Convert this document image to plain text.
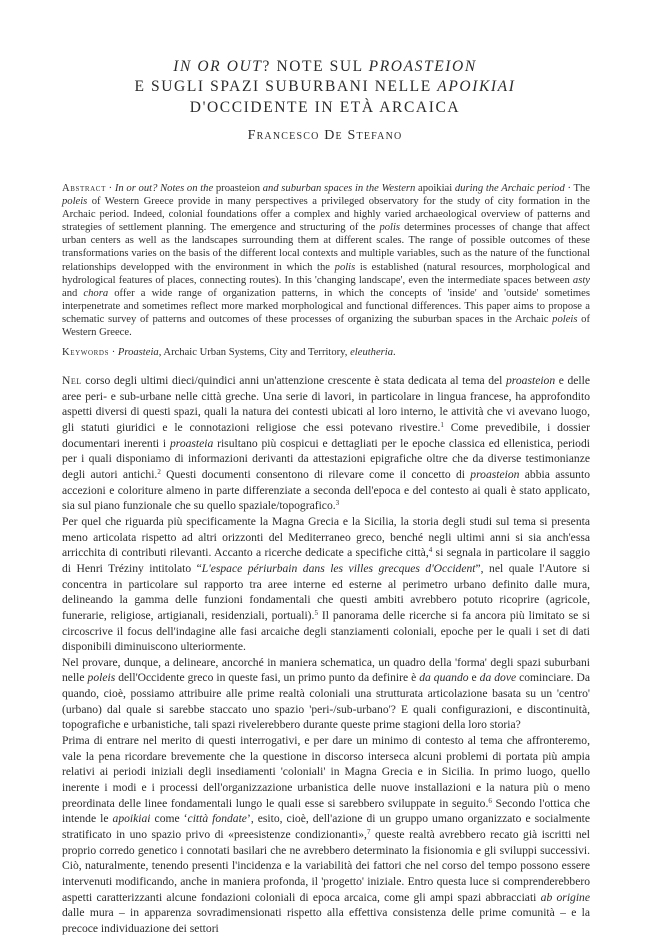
IN OR OUT? NOTE SUL PROASTEION
E SUGLI SPAZI SUBURBANI NELLE APOIKIAI
D'OCCIDENTE IN ETÀ ARCAICA
Francesco De Stefano
Abstract · In or out? Notes on the proasteion and suburban spaces in the Western apoikiai during the Archaic period · The poleis of Western Greece provide in many perspectives a privileged observatory for the study of city formation in the Archaic period. Indeed, colonial foundations offer a complex and highly varied archaeological overview of patterns and strategies of settlement planning. The emergence and structuring of the polis determines processes of change that affect urban centers as well as the landscapes surrounding them at different scales. The range of possible outcomes of these transformations varies on the basis of the different local contexts and multiple variables, such as the nature of the functional relationships developped with the environment in which the polis is established (natural resources, morphological and hydrological features of places, connecting routes). In this 'changing landscape', even the intermediate spaces between asty and chora offer a wide range of organization patterns, in which the concepts of 'inside' and 'outside' sometimes interpenetrate and sometimes reflect more marked morphological and functional differences. This paper aims to propose a schematic survey of patterns and outcomes of these processes of organizing the suburban spaces in the Archaic poleis of Western Greece.
Keywords · Proasteia, Archaic Urban Systems, City and Territory, eleutheria.

Nel corso degli ultimi dieci/quindici anni un'attenzione crescente è stata dedicata al tema del proasteion e delle aree peri- e sub-urbane nelle città greche. Una serie di lavori, in particolare in lingua francese, ha approfondito aspetti diversi di questi spazi, quali la natura dei contesti ubicati al loro interno, le attività che vi avevano luogo, gli statuti giuridici e le connotazioni religiose che essi potevano rivestire.$^1$ Come prevedibile, i dossier documentari inerenti i proasteia risultano più cospicui e dettagliati per le epoche classica ed ellenistica, periodi per i quali disponiamo di informazioni derivanti da attestazioni epigrafiche oltre che da diverse testimonianze degli autori antichi.$^2$ Questi documenti consentono di rilevare come il concetto di proasteion abbia assunto accezioni e coloriture almeno in parte differenziate a seconda dell'epoca e del contesto ai quali è stato applicato, sia sul piano funzionale che su quello spaziale/topografico.$^3$

Per quel che riguarda più specificamente la Magna Grecia e la Sicilia, la storia degli studi sul tema si presenta meno articolata rispetto ad altri orizzonti del Mediterraneo greco, benché negli ultimi anni si sia anch'essa arricchita di contributi rilevanti. Accanto a ricerche dedicate a specifiche città,$^4$ si segnala in particolare il saggio di Henri Tréziny intitolato “L'espace périurbain dans les villes grecques d'Occident”, nel quale l'Autore si concentra in particolare sul rapporto tra aree interne ed esterne al perimetro urbano definito dalle mura, delineando la gamma delle funzioni fondamentali che questi ambiti avrebbero potuto ricoprire (agricole, funerarie, religiose, artigianali, residenziali, portuali).$^5$ Il panorama delle ricerche si fa ancora più limitato se si circoscrive il focus dell'indagine alle fasi arcaiche degli stanziamenti coloniali, epoche per le quali i set di dati disponibili diminuiscono ulteriormente.

Nel provare, dunque, a delineare, ancorché in maniera schematica, un quadro della 'forma' degli spazi suburbani nelle poleis dell'Occidente greco in queste fasi, un primo punto da definire è da quando e da dove cominciare. Da quando, cioè, possiamo attribuire alle prime realtà coloniali una strutturata articolazione basata su un 'centro' (urbano) dal quale si sarebbe staccato uno spazio 'peri-/sub-urbano'? E quali configurazioni, e discontinuità, topografiche e urbanistiche, tali spazi rivelerebbero durante queste prime stagioni della loro storia?

Prima di entrare nel merito di questi interrogativi, e per dare un minimo di contesto al tema che affronteremo, vale la pena ricordare brevemente che la questione in discorso interseca alcuni problemi di portata più ampia relativi ai periodi iniziali degli insediamenti 'coloniali' in Magna Grecia e in Sicilia. In primo luogo, quello inerente i modi e i processi dell'organizzazione urbanistica delle nuove installazioni e la natura più o meno preordinata delle linee fondamentali lungo le quali esse si sarebbero sviluppate in seguito.$^6$ Secondo l'ottica che intende le apoikiai come ‘città fondate’, esito, cioè, dell'azione di un gruppo umano organizzato e socialmente stratificato in uno spazio privo di «preesistenze condizionanti»,$^7$ queste realtà avrebbero recato già iscritti nel proprio corredo genetico i connotati basilari che ne avrebbero determinato la fisionomia e gli sviluppi successivi. Ciò, naturalmente, tenendo presenti l'incidenza e la variabilità dei fattori che nel corso del tempo possono essere intervenuti modificando, anche in maniera profonda, il 'progetto' iniziale. Entro questa luce si comprenderebbero aspetti caratterizzanti alcune fondazioni coloniali di epoca arcaica, come gli ampi spazi abbracciati ab origine dalle mura – in apparenza sovradimensionati rispetto alla effettiva consistenza delle prime comunità – e la precoce individuazione dei settori
